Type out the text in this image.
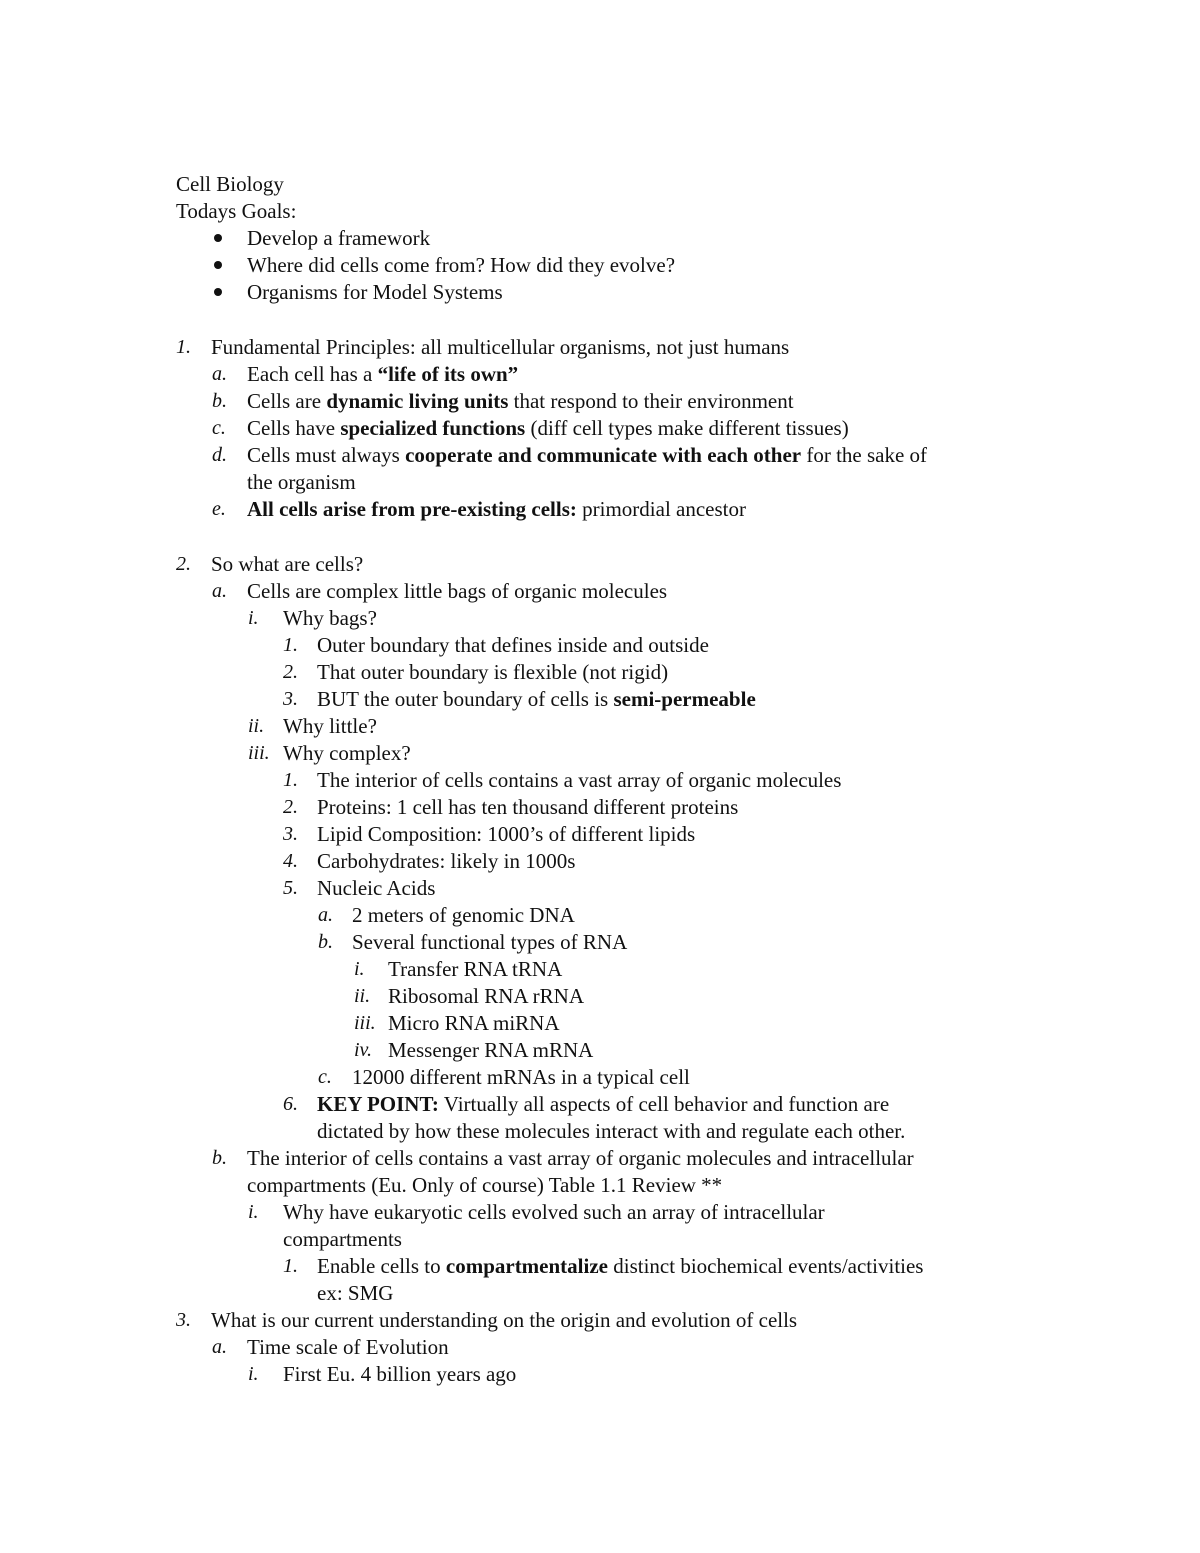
Cell Biology
Todays Goals:
Develop a framework
Where did cells come from? How did they evolve?
Organisms for Model Systems
1. Fundamental Principles: all multicellular organisms, not just humans
a. Each cell has a “life of its own”
b. Cells are dynamic living units that respond to their environment
c. Cells have specialized functions (diff cell types make different tissues)
d. Cells must always cooperate and communicate with each other for the sake of
the organism
e. All cells arise from pre-existing cells: primordial ancestor
2. So what are cells?
a. Cells are complex little bags of organic molecules
i. Why bags?
1. Outer boundary that defines inside and outside
2. That outer boundary is flexible (not rigid)
3. BUT the outer boundary of cells is semi-permeable
ii. Why little?
iii. Why complex?
1. The interior of cells contains a vast array of organic molecules
2. Proteins: 1 cell has ten thousand different proteins
3. Lipid Composition: 1000’s of different lipids
4. Carbohydrates: likely in 1000s
5. Nucleic Acids
a. 2 meters of genomic DNA
b. Several functional types of RNA
i. Transfer RNA tRNA
ii. Ribosomal RNA rRNA
iii. Micro RNA miRNA
iv. Messenger RNA mRNA
c. 12000 different mRNAs in a typical cell
6. KEY POINT: Virtually all aspects of cell behavior and function are
dictated by how these molecules interact with and regulate each other.
b. The interior of cells contains a vast array of organic molecules and intracellular
compartments (Eu. Only of course) Table 1.1 Review **
i. Why have eukaryotic cells evolved such an array of intracellular
compartments
1. Enable cells to compartmentalize distinct biochemical events/activities
ex: SMG
3. What is our current understanding on the origin and evolution of cells
a. Time scale of Evolution
i. First Eu. 4 billion years ago
